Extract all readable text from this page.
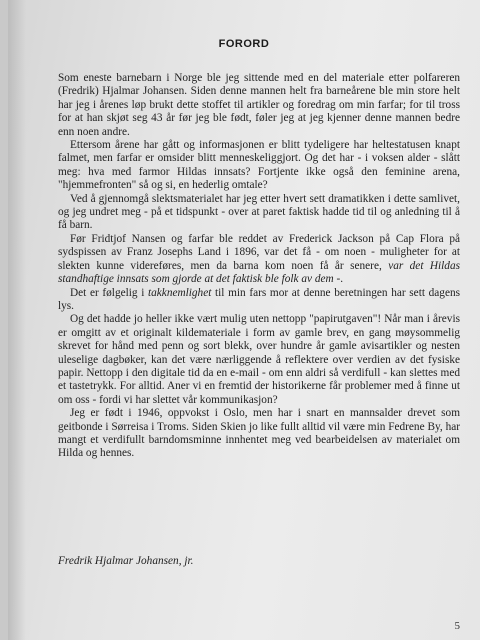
FORORD

Som eneste barnebarn i Norge ble jeg sittende med en del materiale etter polfareren (Fredrik) Hjalmar Johansen. Siden denne mannen helt fra barneårene ble min store helt har jeg i årenes løp brukt dette stoffet til artikler og foredrag om min farfar; for til tross for at han skjøt seg 43 år før jeg ble født, føler jeg at jeg kjenner denne mannen bedre enn noen andre.

Ettersom årene har gått og informasjonen er blitt tydeligere har heltestatusen knapt falmet, men farfar er omsider blitt menneskeliggjort. Og det har - i voksen alder - slått meg: hva med farmor Hildas innsats? Fortjente ikke også den feminine arena, "hjemmefronten" så og si, en hederlig omtale?

Ved å gjennomgå slektsmaterialet har jeg etter hvert sett dramatikken i dette samlivet, og jeg undret meg - på et tidspunkt - over at paret faktisk hadde tid til og anledning til å få barn.

Før Fridtjof Nansen og farfar ble reddet av Frederick Jackson på Cap Flora på sydspissen av Franz Josephs Land i 1896, var det få - om noen - muligheter for at slekten kunne videreføres, men da barna kom noen få år senere, var det Hildas standhaftige innsats som gjorde at det faktisk ble folk av dem -.

Det er følgelig i takknemlighet til min fars mor at denne beretningen har sett dagens lys.

Og det hadde jo heller ikke vært mulig uten nettopp "papirutgaven"! Når man i årevis er omgitt av et originalt kildemateriale i form av gamle brev, en gang møysommelig skrevet for hånd med penn og sort blekk, over hundre år gamle avisartikler og nesten uleselige dagbøker, kan det være nærliggende å reflektere over verdien av det fysiske papir. Nettopp i den digitale tid da en e-mail - om enn aldri så verdifull - kan slettes med et tastetrykk. For alltid. Aner vi en fremtid der historikerne får problemer med å finne ut om oss - fordi vi har slettet vår kommunikasjon?

Jeg er født i 1946, oppvokst i Oslo, men har i snart en mannsalder drevet som geitbonde i Sørreisa i Troms. Siden Skien jo like fullt alltid vil være min Fedrene By, har mangt et verdifullt barndomsminne innhentet meg ved bearbeidelsen av materialet om Hilda og hennes.

Fredrik Hjalmar Johansen, jr.
5
